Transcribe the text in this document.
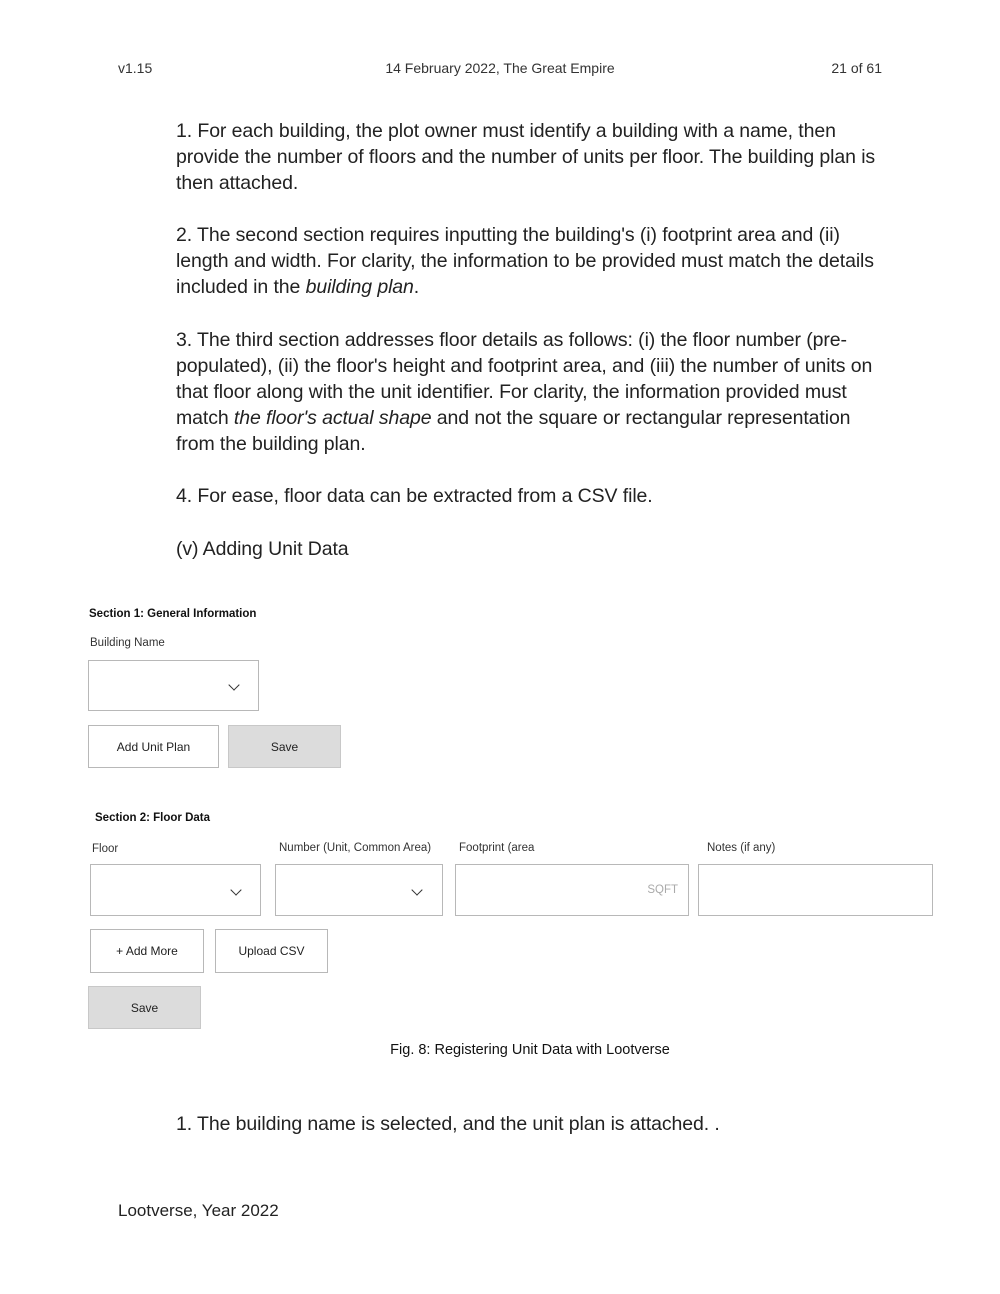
14 February 2022, The Great Empire
v1.15	21 of 61
1. For each building, the plot owner must identify a building with a name, then provide the number of floors and the number of units per floor. The building plan is then attached.
2. The second section requires inputting the building's (i) footprint area and (ii) length and width. For clarity, the information to be provided must match the details included in the building plan.
3. The third section addresses floor details as follows: (i) the floor number (pre-populated), (ii) the floor's height and footprint area, and (iii) the number of units on that floor along with the unit identifier. For clarity, the information provided must match the floor's actual shape and not the square or rectangular representation from the building plan.
4. For ease, floor data can be extracted from a CSV file.
(v) Adding Unit Data
Section 1: General Information
Building Name
Add Unit Plan	Save
Section 2: Floor Data
Floor	Number (Unit, Common Area) Footprint (area	Notes (if any)
SQFT
+ Add More	Upload CSV
Save
Fig. 8: Registering Unit Data with Lootverse
1. The building name is selected, and the unit plan is attached. .
Lootverse, Year 2022
